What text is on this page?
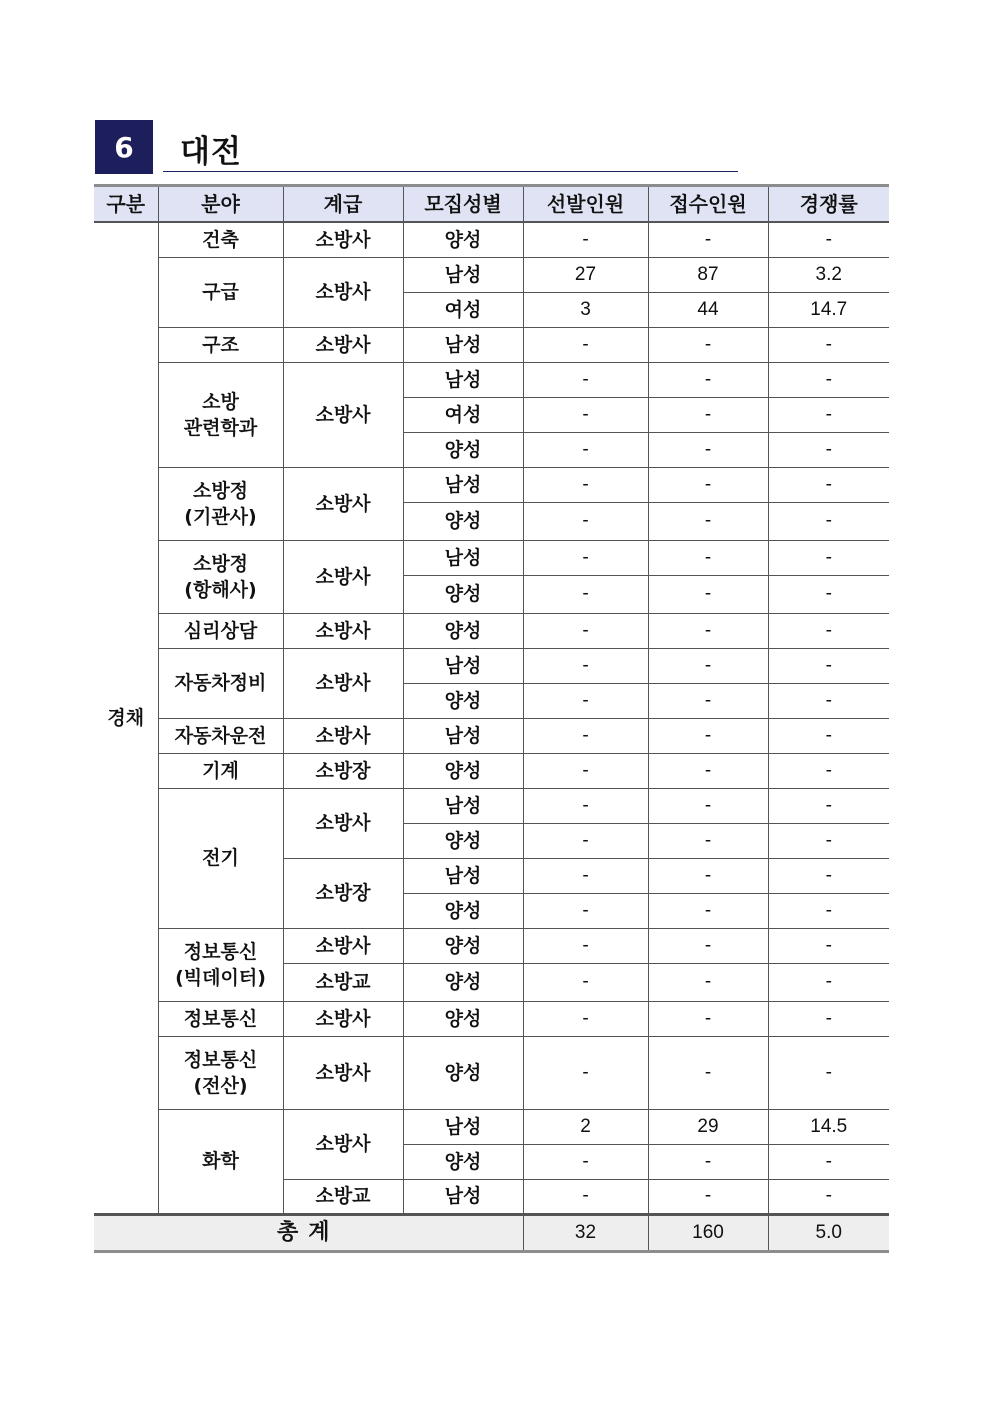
6	대전
구분	분야	계급	모집성별	선발인원	접수인원	경쟁률
경채	건축	소방사	양성	-	-	-
	구급	소방사	남성	27	87	3.2
			여성	3	44	14.7
	구조	소방사	남성	-	-	-
	소방
관련학과	소방사	남성	-	-	-
			여성	-	-	-
			양성	-	-	-
	소방정
(기관사)	소방사	남성	-	-	-
			양성	-	-	-
	소방정
(항해사)	소방사	남성	-	-	-
			양성	-	-	-
	심리상담	소방사	양성	-	-	-
	자동차정비	소방사	남성	-	-	-
			양성	-	-	-
	자동차운전	소방사	남성	-	-	-
	기계	소방장	양성	-	-	-
	전기	소방사	남성	-	-	-
			양성	-	-	-
		소방장	남성	-	-	-
			양성	-	-	-
	정보통신
(빅데이터)	소방사	양성	-	-	-
		소방교	양성	-	-	-
	정보통신	소방사	양성	-	-	-
	정보통신
(전산)	소방사	양성	-	-	-
	화학	소방사	남성	2	29	14.5
			양성	-	-	-
		소방교	남성	-	-	-
총계				32	160	5.0
